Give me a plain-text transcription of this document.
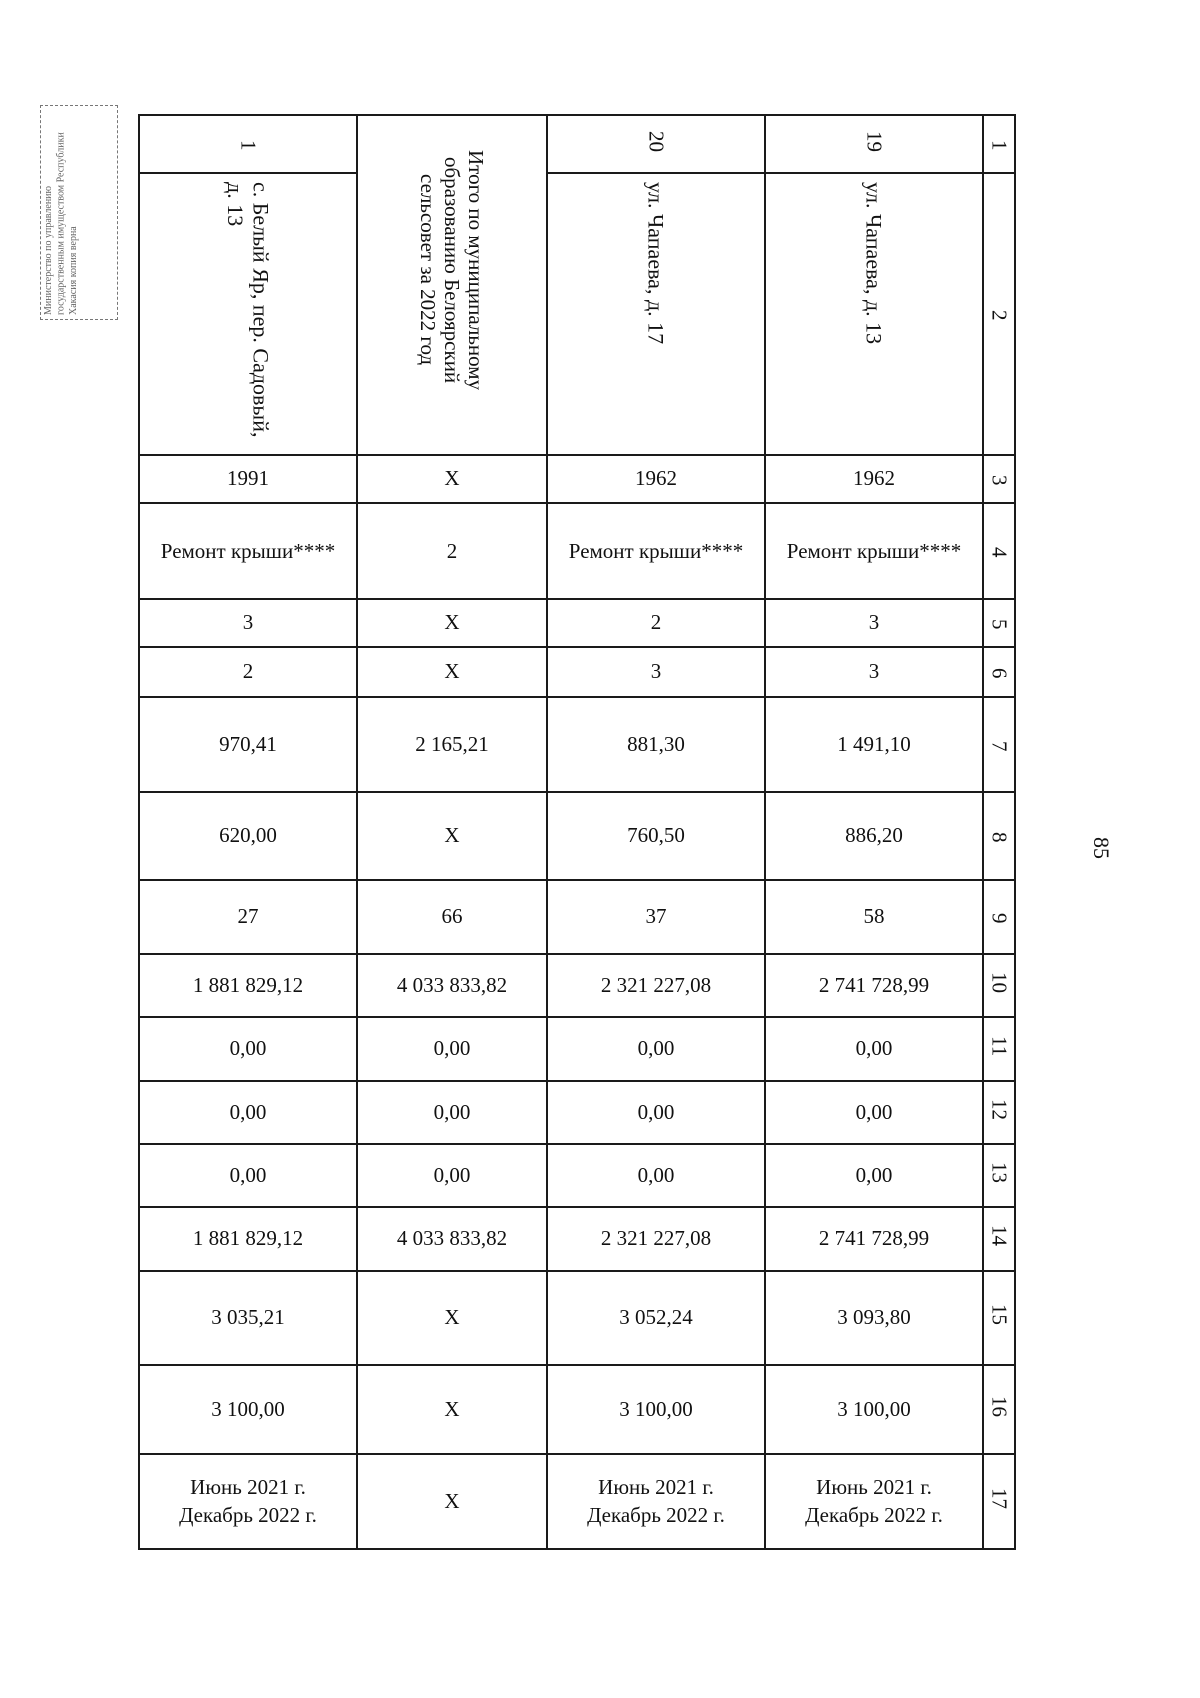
Министерство по управлению государственным имуществом Республики Хакасия копия верна
85
1	Итого по муниципальному
образованию Белоярский
сельсовет за 2022 год	20	19	1

с. Белый Яр, пер. Садовый,
д. 13		ул. Чапаева, д. 17	ул. Чапаева, д. 13	2
1991	Х	1962	1962	3
Ремонт крыши****	2	Ремонт крыши****	Ремонт крыши****	4
3	Х	2	3	5
2	Х	3	3	6
970,41	2 165,21	881,30	1 491,10	7
620,00	Х	760,50	886,20	8
27	66	37	58	9
1 881 829,12	4 033 833,82	2 321 227,08	2 741 728,99	10
0,00	0,00	0,00	0,00	11
0,00	0,00	0,00	0,00	12
0,00	0,00	0,00	0,00	13
1 881 829,12	4 033 833,82	2 321 227,08	2 741 728,99	14
3 035,21	Х	3 052,24	3 093,80	15
3 100,00	Х	3 100,00	3 100,00	16
Июнь 2021 г.
Декабрь 2022 г.	Х	Июнь 2021 г.
Декабрь 2022 г.	Июнь 2021 г.
Декабрь 2022 г.	17
